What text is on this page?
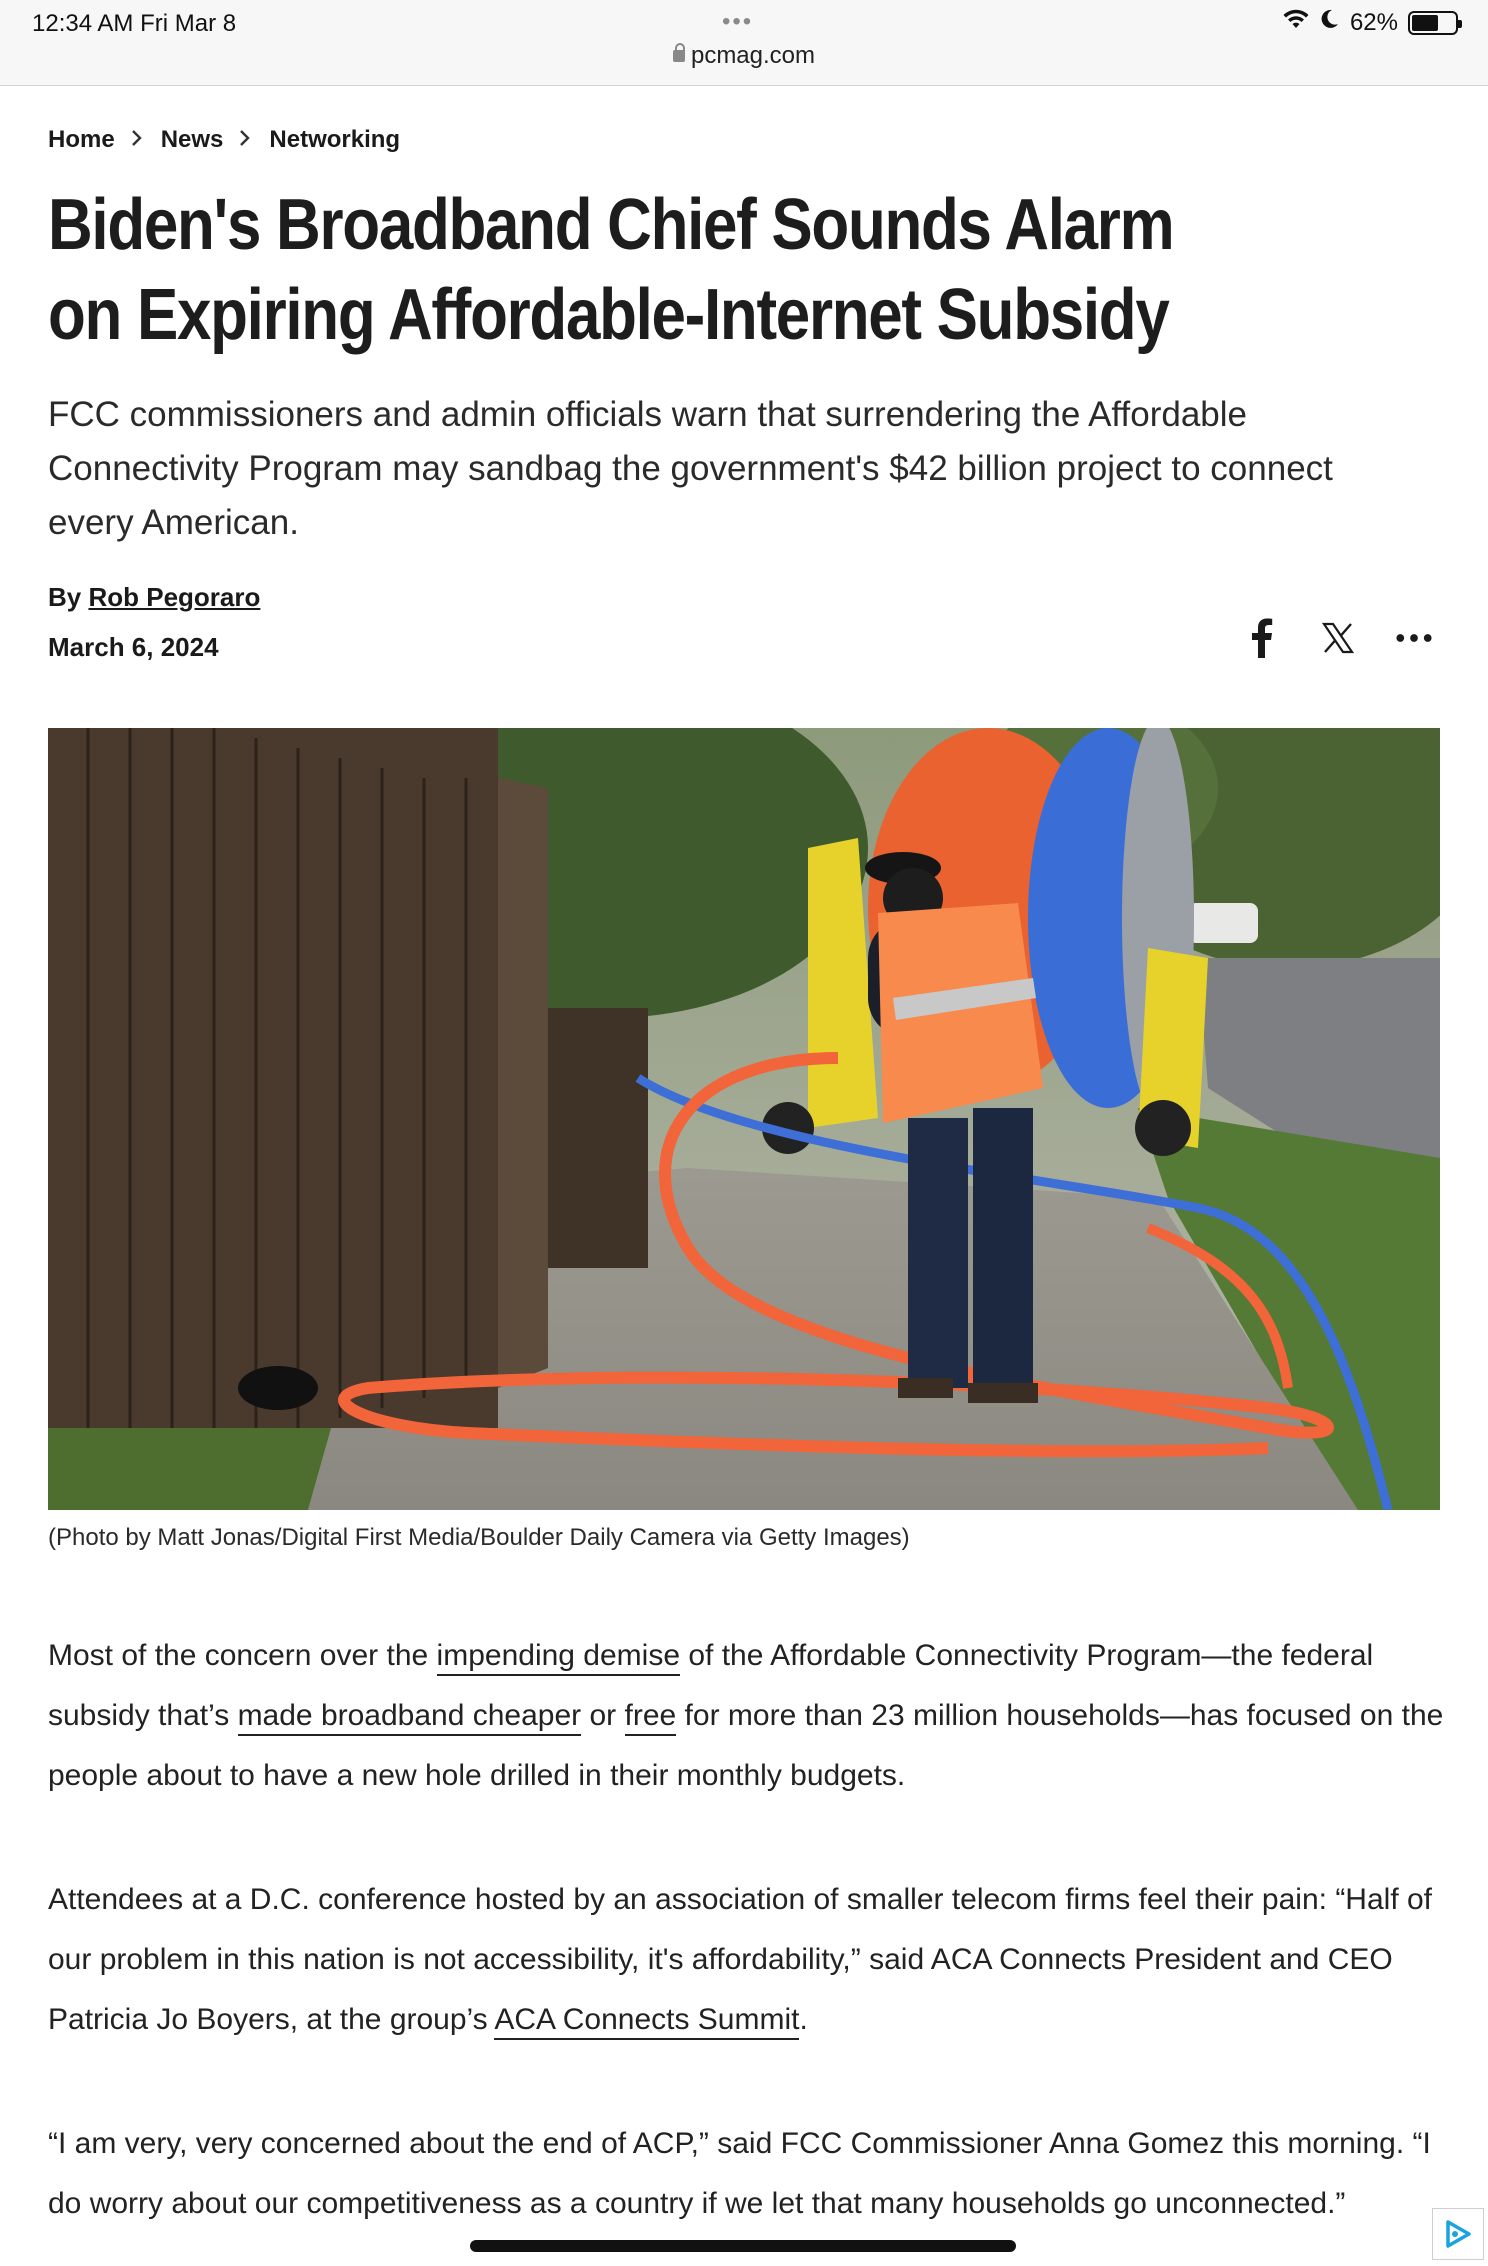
12:34 AM Fri Mar 8	•••	62%
pcmag.com
Home News Networking
Biden's Broadband Chief Sounds Alarm on Expiring Affordable-Internet Subsidy

FCC commissioners and admin officials warn that surrendering the Affordable Connectivity Program may sandbag the government's $42 billion project to connect every American.

By Rob Pegoraro
March 6, 2024
(Photo by Matt Jonas/Digital First Media/Boulder Daily Camera via Getty Images)

Most of the concern over the impending demise of the Affordable Connectivity Program—the federal subsidy that’s made broadband cheaper or free for more than 23 million households—has focused on the people about to have a new hole drilled in their monthly budgets.

Attendees at a D.C. conference hosted by an association of smaller telecom firms feel their pain: “Half of our problem in this nation is not accessibility, it's affordability,” said ACA Connects President and CEO Patricia Jo Boyers, at the group’s ACA Connects Summit.

“I am very, very concerned about the end of ACP,” said FCC Commissioner Anna Gomez this morning. “I do worry about our competitiveness as a country if we let that many households go unconnected.”
